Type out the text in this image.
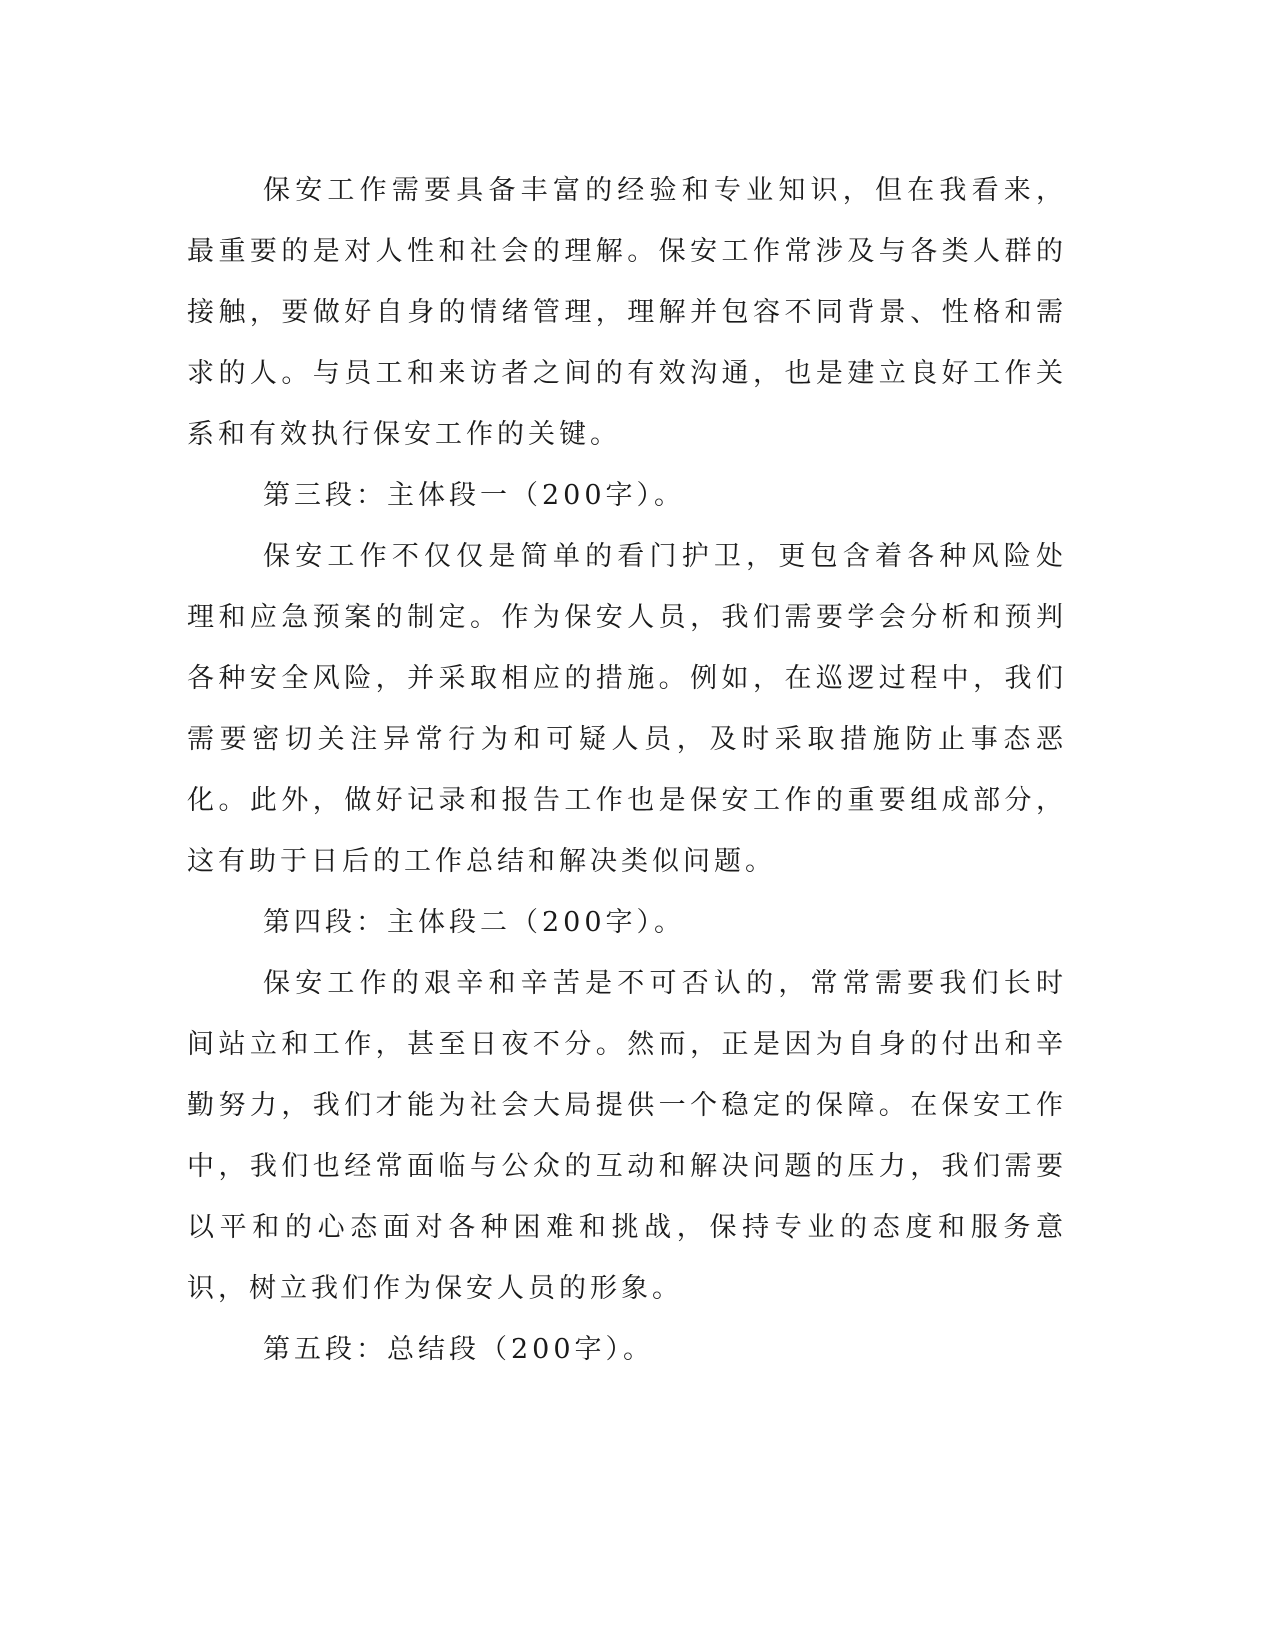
保安工作需要具备丰富的经验和专业知识，但在我看来，最重要的是对人性和社会的理解。保安工作常涉及与各类人群的接触，要做好自身的情绪管理，理解并包容不同背景、性格和需求的人。与员工和来访者之间的有效沟通，也是建立良好工作关系和有效执行保安工作的关键。

第三段：主体段一（200字）。

保安工作不仅仅是简单的看门护卫，更包含着各种风险处理和应急预案的制定。作为保安人员，我们需要学会分析和预判各种安全风险，并采取相应的措施。例如，在巡逻过程中，我们需要密切关注异常行为和可疑人员，及时采取措施防止事态恶化。此外，做好记录和报告工作也是保安工作的重要组成部分，这有助于日后的工作总结和解决类似问题。

第四段：主体段二（200字）。

保安工作的艰辛和辛苦是不可否认的，常常需要我们长时间站立和工作，甚至日夜不分。然而，正是因为自身的付出和辛勤努力，我们才能为社会大局提供一个稳定的保障。在保安工作中，我们也经常面临与公众的互动和解决问题的压力，我们需要以平和的心态面对各种困难和挑战，保持专业的态度和服务意识，树立我们作为保安人员的形象。

第五段：总结段（200字）。
